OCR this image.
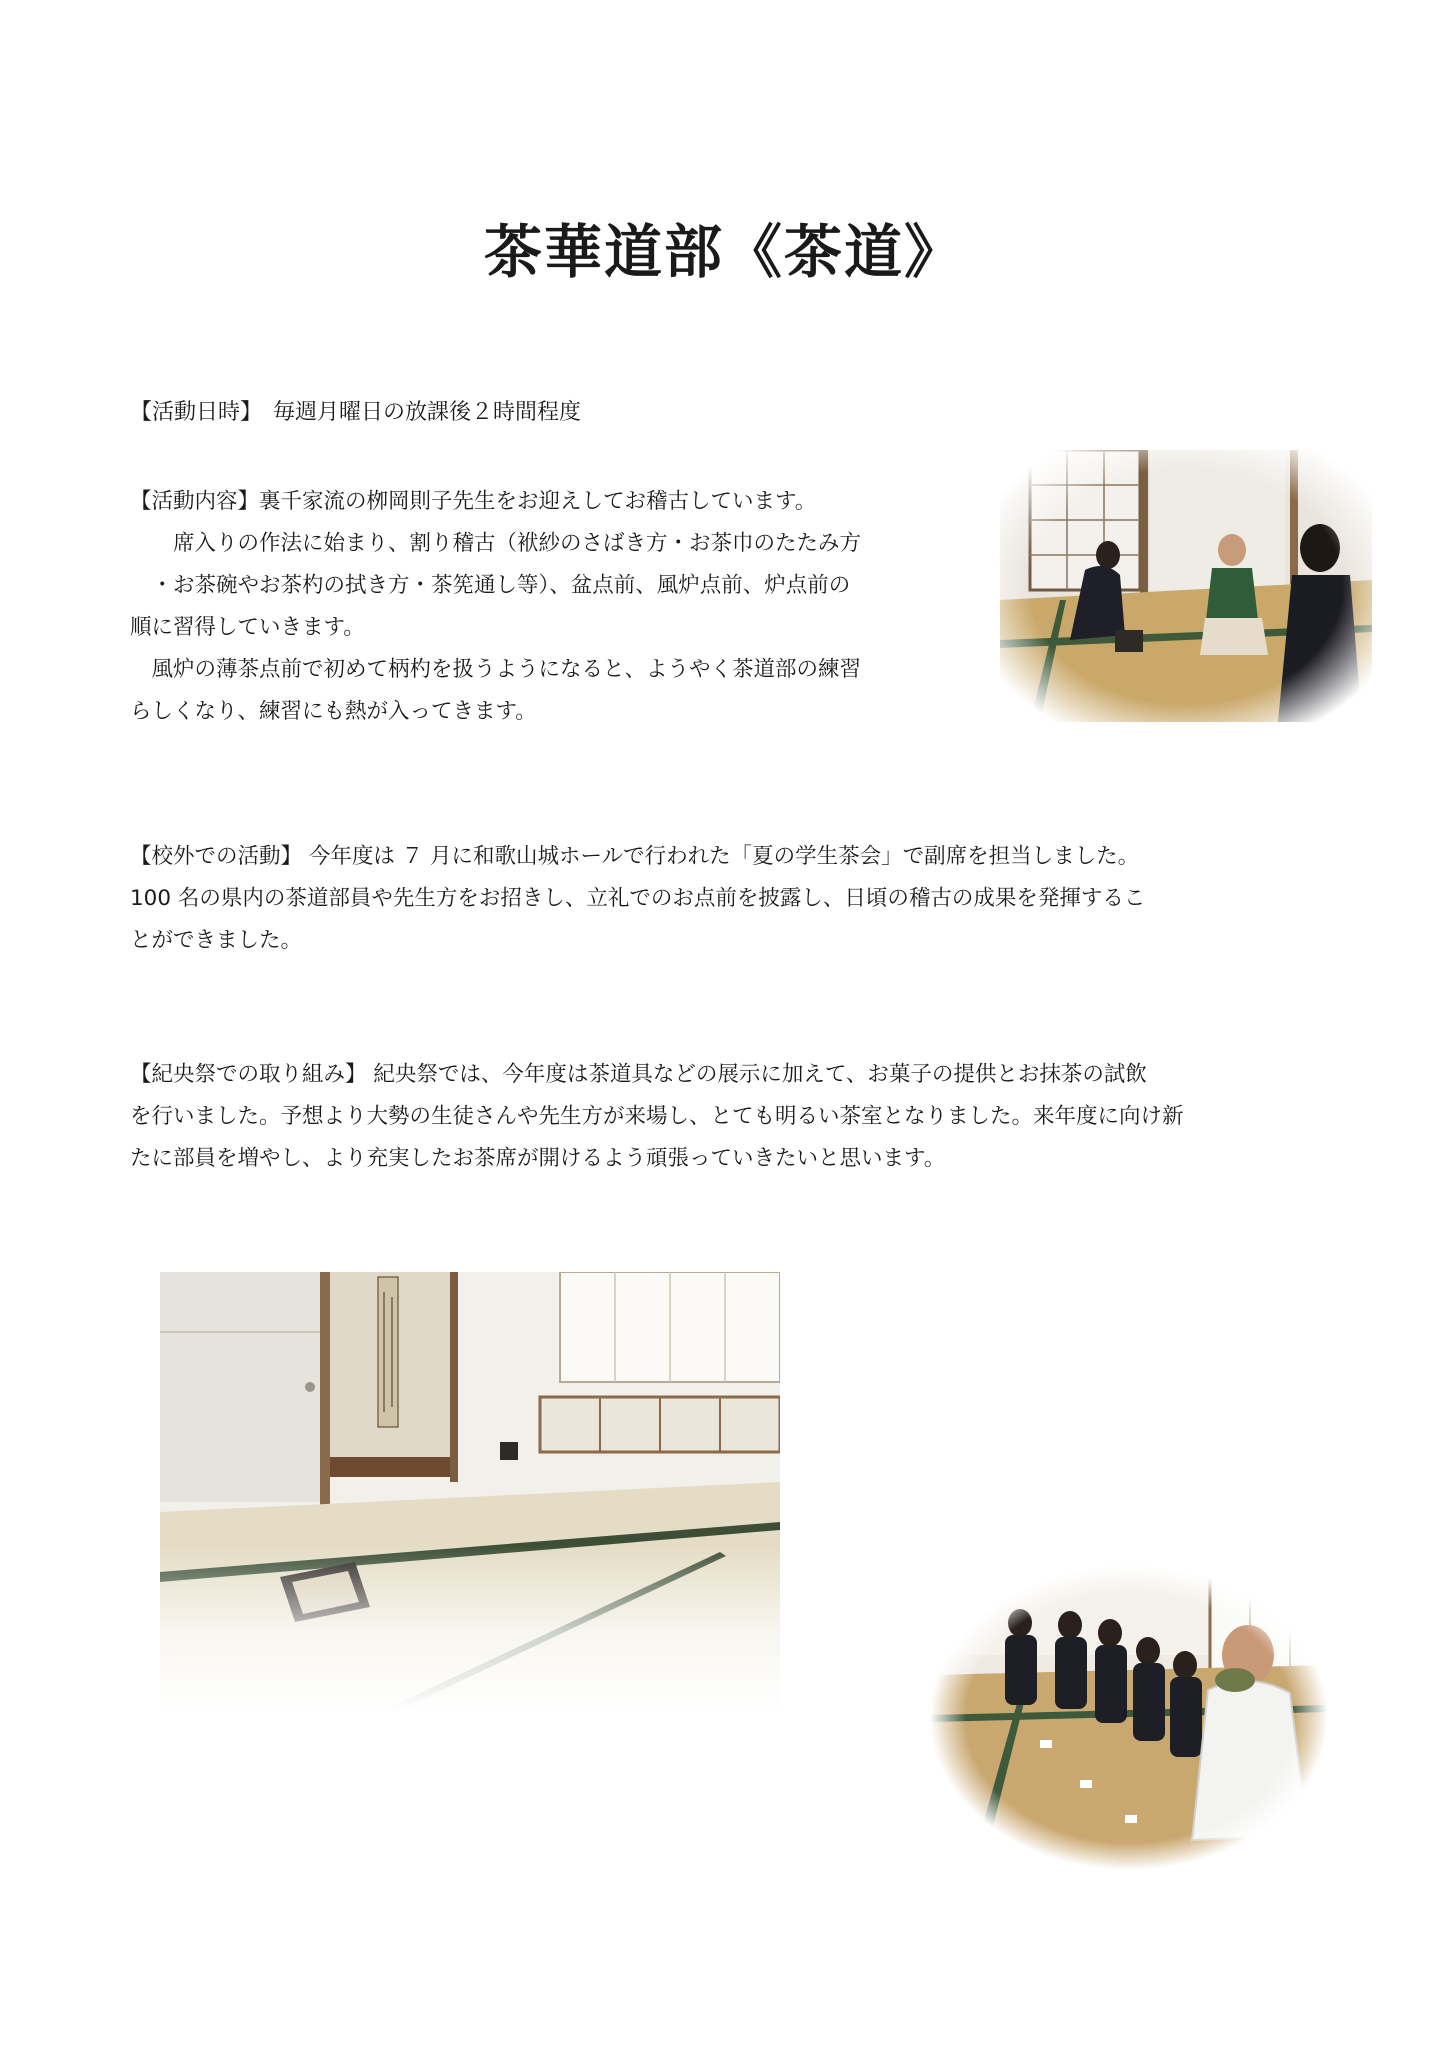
茶華道部《茶道》
【活動日時】　毎週月曜日の放課後２時間程度
【活動内容】裏千家流の栁岡則子先生をお迎えしてお稽古しています。
　　席入りの作法に始まり、割り稽古（袱紗のさばき方・お茶巾のたたみ方
　・お茶碗やお茶杓の拭き方・茶筅通し等）、盆点前、風炉点前、炉点前の
順に習得していきます。
　風炉の薄茶点前で初めて柄杓を扱うようになると、ようやく茶道部の練習
らしくなり、練習にも熱が入ってきます。
【校外での活動】 今年度は ７ 月に和歌山城ホールで行われた「夏の学生茶会」で副席を担当しました。
100 名の県内の茶道部員や先生方をお招きし、立礼でのお点前を披露し、日頃の稽古の成果を発揮するこ
とができました。
【紀央祭での取り組み】 紀央祭では、今年度は茶道具などの展示に加えて、お菓子の提供とお抹茶の試飲
を行いました。予想より大勢の生徒さんや先生方が来場し、とても明るい茶室となりました。来年度に向け新
たに部員を増やし、より充実したお茶席が開けるよう頑張っていきたいと思います。
